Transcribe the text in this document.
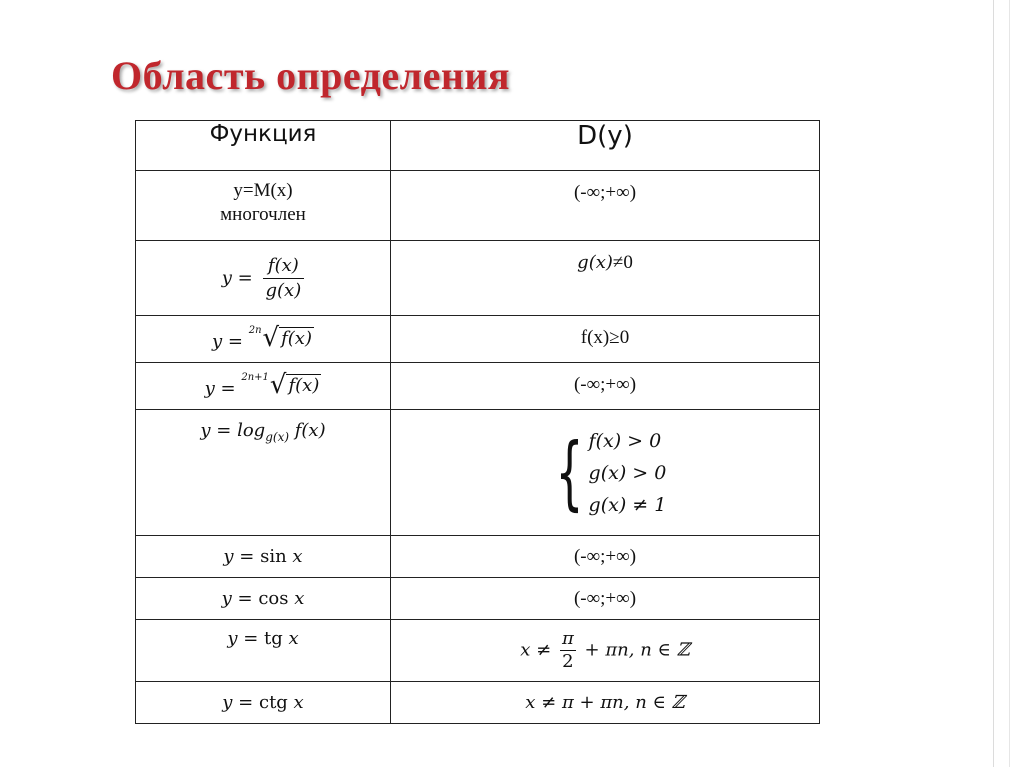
Область определения
Функция	D(y)

y=M(x)
многочлен	(-∞;+∞)
$y = \frac{f(x)}{g(x)}$	g(x)≠0
y =
2n √ f(x)	f(x)≥0
y =
2n+1 √ f(x)	(-∞;+∞)
$y = \log_{g(x)} f(x)$	{ f(x) > 0
g(x) > 0
g(x) ≠ 1

y = sin x	(-∞;+∞)
y = cos x	(-∞;+∞)
y = tg x	$x \ne \frac{\pi}{2} + \pi n$, n ∈ ℤ
y = ctg x	x ≠ π + πn, n ∈ ℤ
